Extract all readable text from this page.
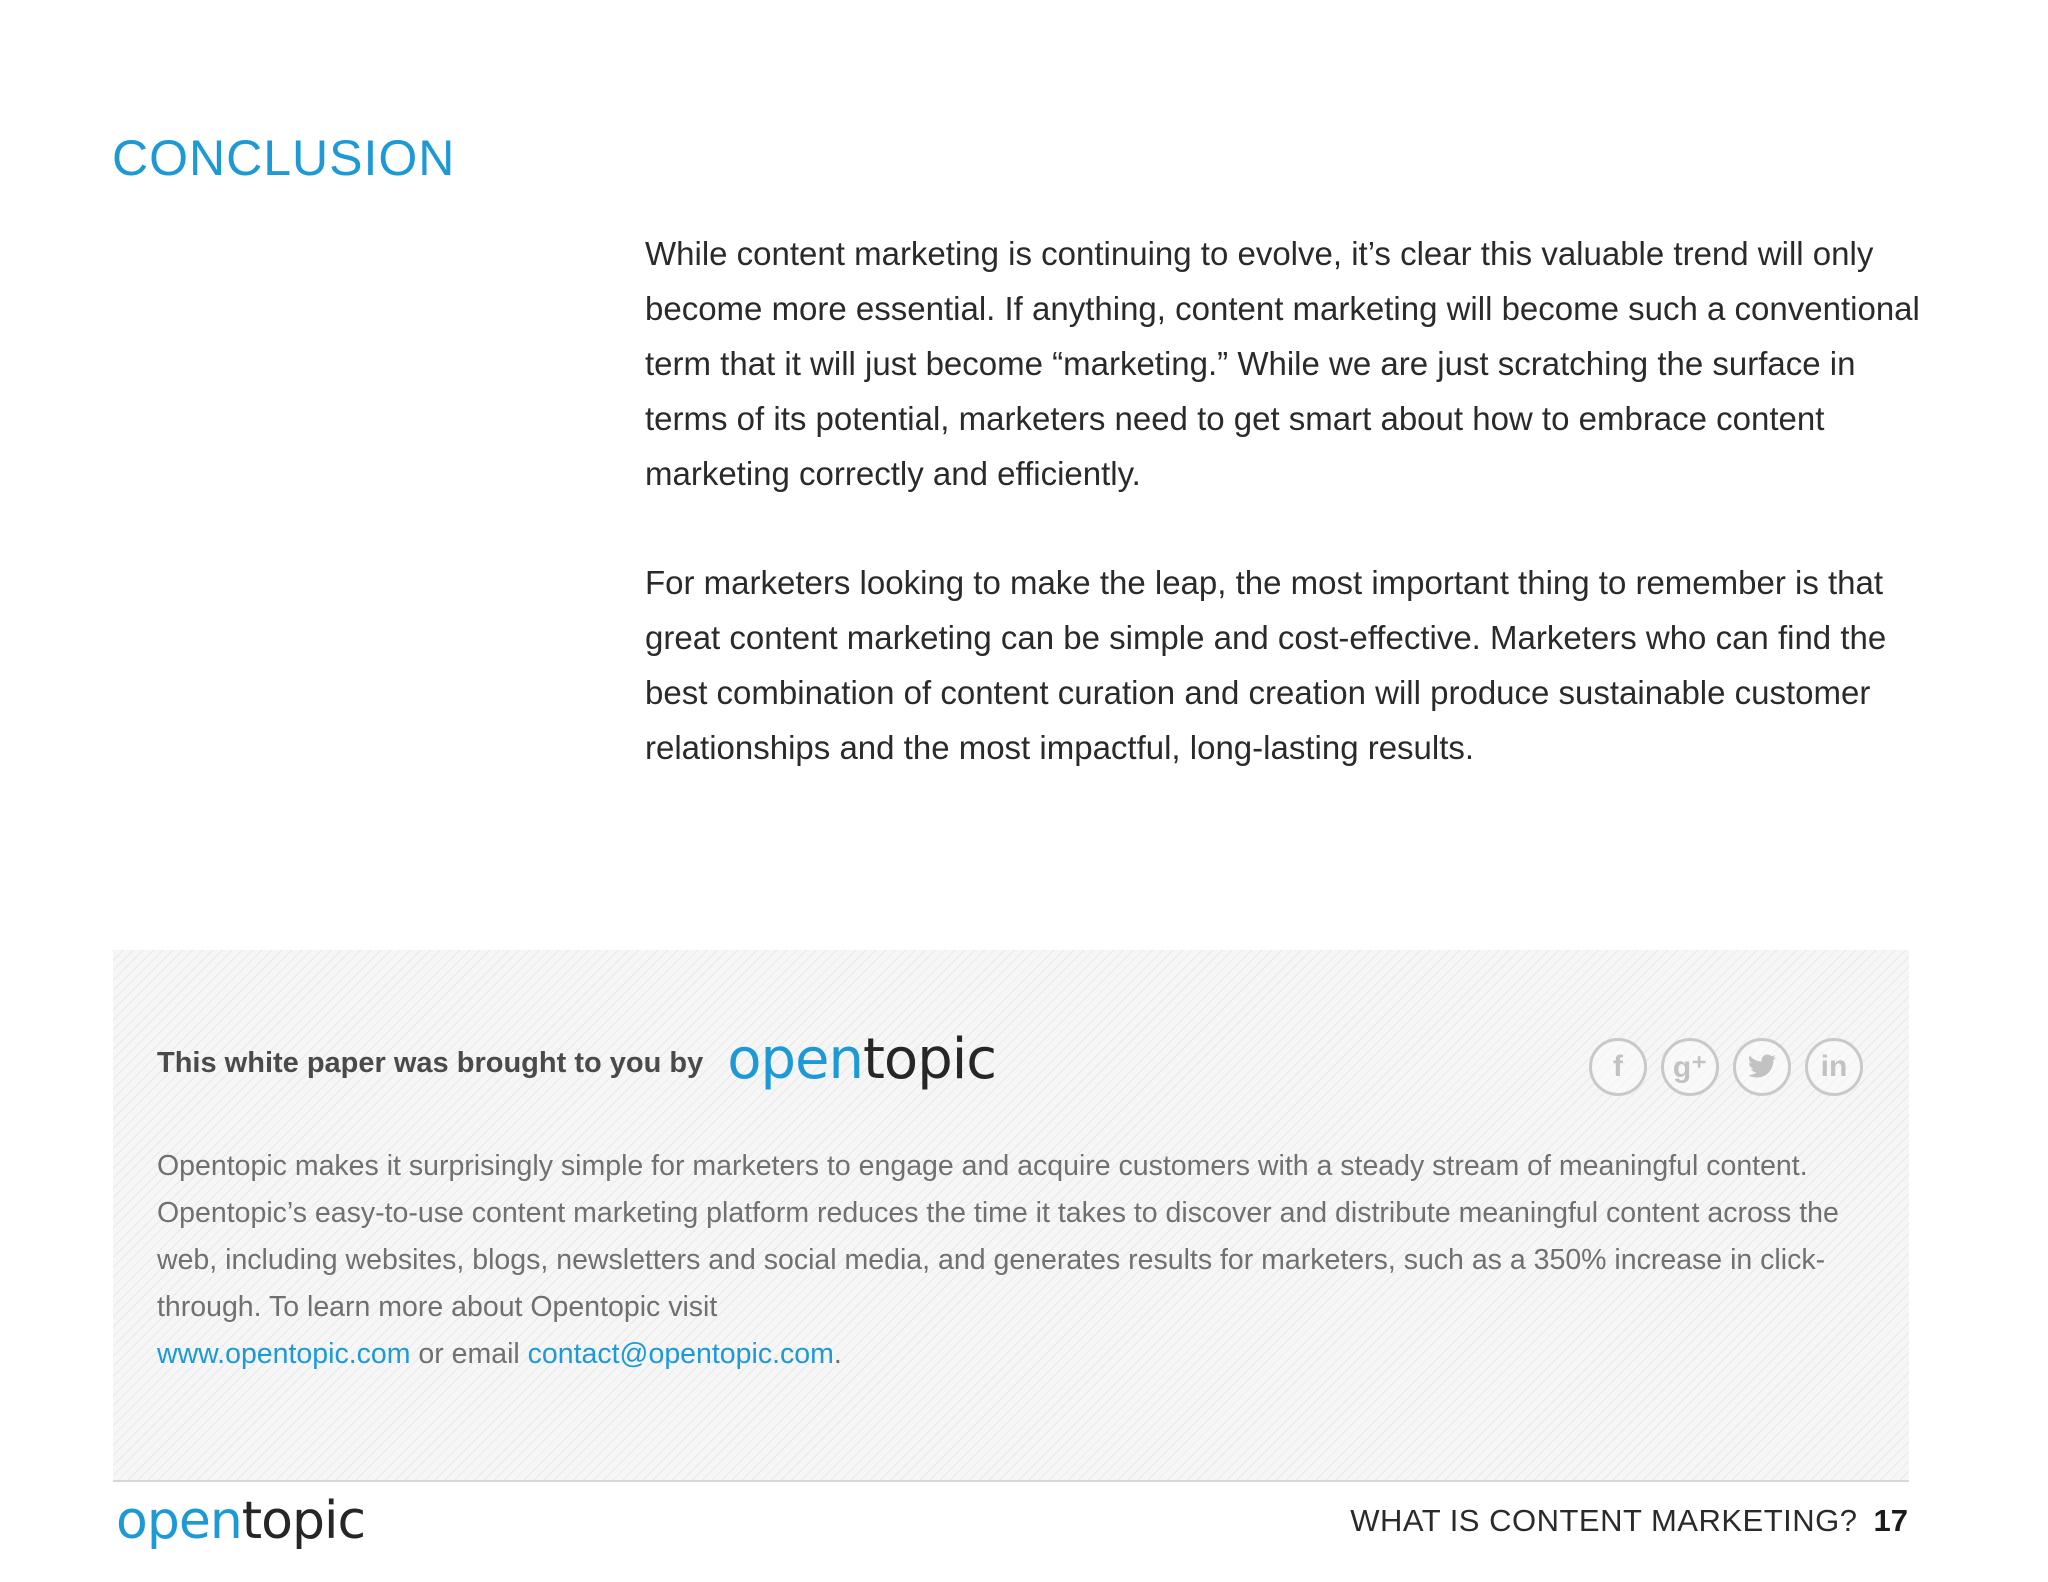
CONCLUSION

While content marketing is continuing to evolve, it’s clear this valuable trend will only become more essential. If anything, content marketing will become such a conventional term that it will just become “marketing.” While we are just scratching the surface in terms of its potential, marketers need to get smart about how to embrace content marketing correctly and efficiently.

For marketers looking to make the leap, the most important thing to remember is that great content marketing can be simple and cost-effective. Marketers who can find the best combination of content curation and creation will produce sustainable customer relationships and the most impactful, long-lasting results.

This white paper was brought to you by opentopic	f	g⁺	in

Opentopic makes it surprisingly simple for marketers to engage and acquire customers with a steady stream of meaningful content. Opentopic’s easy-to-use content marketing platform reduces the time it takes to discover and distribute meaningful content across the web, including websites, blogs, newsletters and social media, and generates results for marketers, such as a 350% increase in click-through. To learn more about Opentopic visit
www.opentopic.com or email contact@opentopic.com.

opentopic	WHAT IS CONTENT MARKETING? 17
